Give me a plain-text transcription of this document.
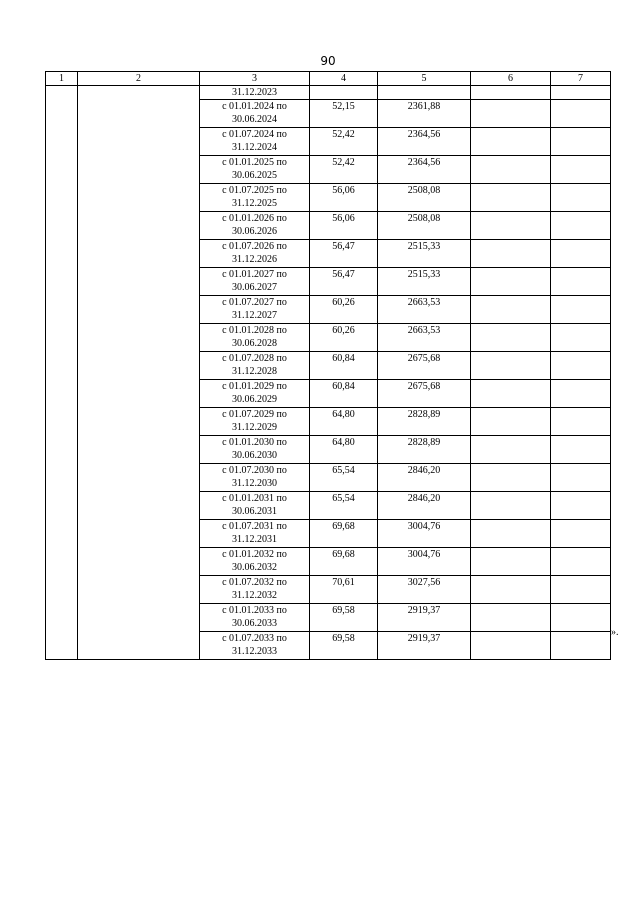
90
1	2	3	4	5	6	7
		31.12.2023				

		с 01.01.2024 по
30.06.2024	52,15	2361,88		

		с 01.07.2024 по
31.12.2024	52,42	2364,56		

		с 01.01.2025 по
30.06.2025	52,42	2364,56		

		с 01.07.2025 по
31.12.2025	56,06	2508,08		

		с 01.01.2026 по
30.06.2026	56,06	2508,08		

		с 01.07.2026 по
31.12.2026	56,47	2515,33		

		с 01.01.2027 по
30.06.2027	56,47	2515,33		

		с 01.07.2027 по
31.12.2027	60,26	2663,53		

		с 01.01.2028 по
30.06.2028	60,26	2663,53		

		с 01.07.2028 по
31.12.2028	60,84	2675,68		

		с 01.01.2029 по
30.06.2029	60,84	2675,68		

		с 01.07.2029 по
31.12.2029	64,80	2828,89		

		с 01.01.2030 по
30.06.2030	64,80	2828,89		

		с 01.07.2030 по
31.12.2030	65,54	2846,20		

		с 01.01.2031 по
30.06.2031	65,54	2846,20		

		с 01.07.2031 по
31.12.2031	69,68	3004,76		

		с 01.01.2032 по
30.06.2032	69,68	3004,76		

		с 01.07.2032 по
31.12.2032	70,61	3027,56		

		с 01.01.2033 по
30.06.2033	69,58	2919,37		

		с 01.07.2033 по
31.12.2033	69,58	2919,37		
».
